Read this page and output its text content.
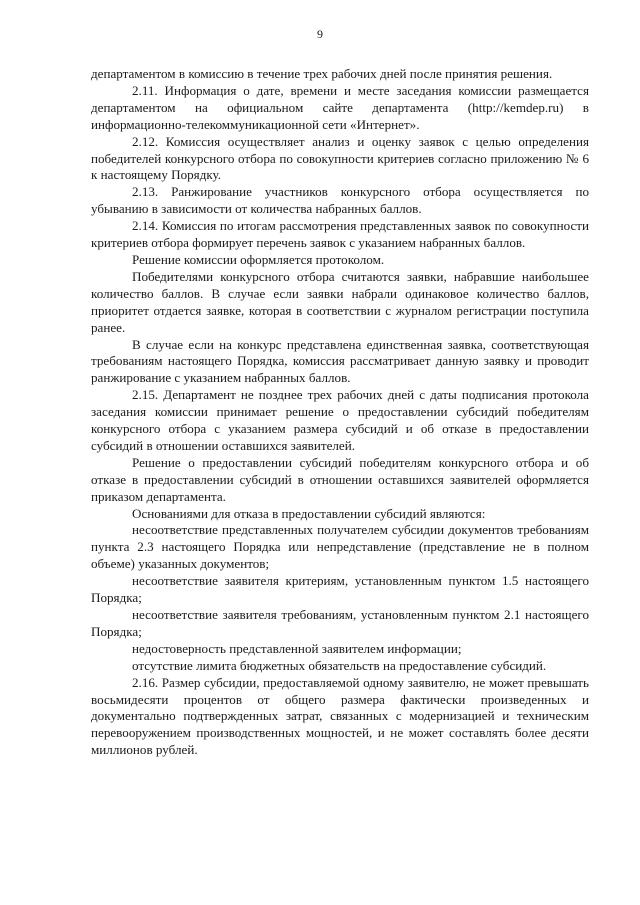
9

департаментом в комиссию в течение трех рабочих дней после принятия решения.

2.11. Информация о дате, времени и месте заседания комиссии размещается департаментом на официальном сайте департамента (http://kemdep.ru) в информационно-телекоммуникационной сети «Интернет».

2.12. Комиссия осуществляет анализ и оценку заявок с целью определения победителей конкурсного отбора по совокупности критериев согласно приложению № 6 к настоящему Порядку.

2.13. Ранжирование участников конкурсного отбора осуществляется по убыванию в зависимости от количества набранных баллов.

2.14. Комиссия по итогам рассмотрения представленных заявок по совокупности критериев отбора формирует перечень заявок с указанием набранных баллов.

Решение комиссии оформляется протоколом.

Победителями конкурсного отбора считаются заявки, набравшие наибольшее количество баллов. В случае если заявки набрали одинаковое количество баллов, приоритет отдается заявке, которая в соответствии с журналом регистрации поступила ранее.

В случае если на конкурс представлена единственная заявка, соответствующая требованиям настоящего Порядка, комиссия рассматривает данную заявку и проводит ранжирование с указанием набранных баллов.

2.15. Департамент не позднее трех рабочих дней с даты подписания протокола заседания комиссии принимает решение о предоставлении субсидий победителям конкурсного отбора с указанием размера субсидий и об отказе в предоставлении субсидий в отношении оставшихся заявителей.

Решение о предоставлении субсидий победителям конкурсного отбора и об отказе в предоставлении субсидий в отношении оставшихся заявителей оформляется приказом департамента.

Основаниями для отказа в предоставлении субсидий являются:

несоответствие представленных получателем субсидии документов требованиям пункта 2.3 настоящего Порядка или непредставление (представление не в полном объеме) указанных документов;

несоответствие заявителя критериям, установленным пунктом 1.5 настоящего Порядка;

несоответствие заявителя требованиям, установленным пунктом 2.1 настоящего Порядка;

недостоверность представленной заявителем информации;

отсутствие лимита бюджетных обязательств на предоставление субсидий.

2.16. Размер субсидии, предоставляемой одному заявителю, не может превышать восьмидесяти процентов от общего размера фактически произведенных и документально подтвержденных затрат, связанных с модернизацией и техническим перевооружением производственных мощностей, и не может составлять более десяти миллионов рублей.
